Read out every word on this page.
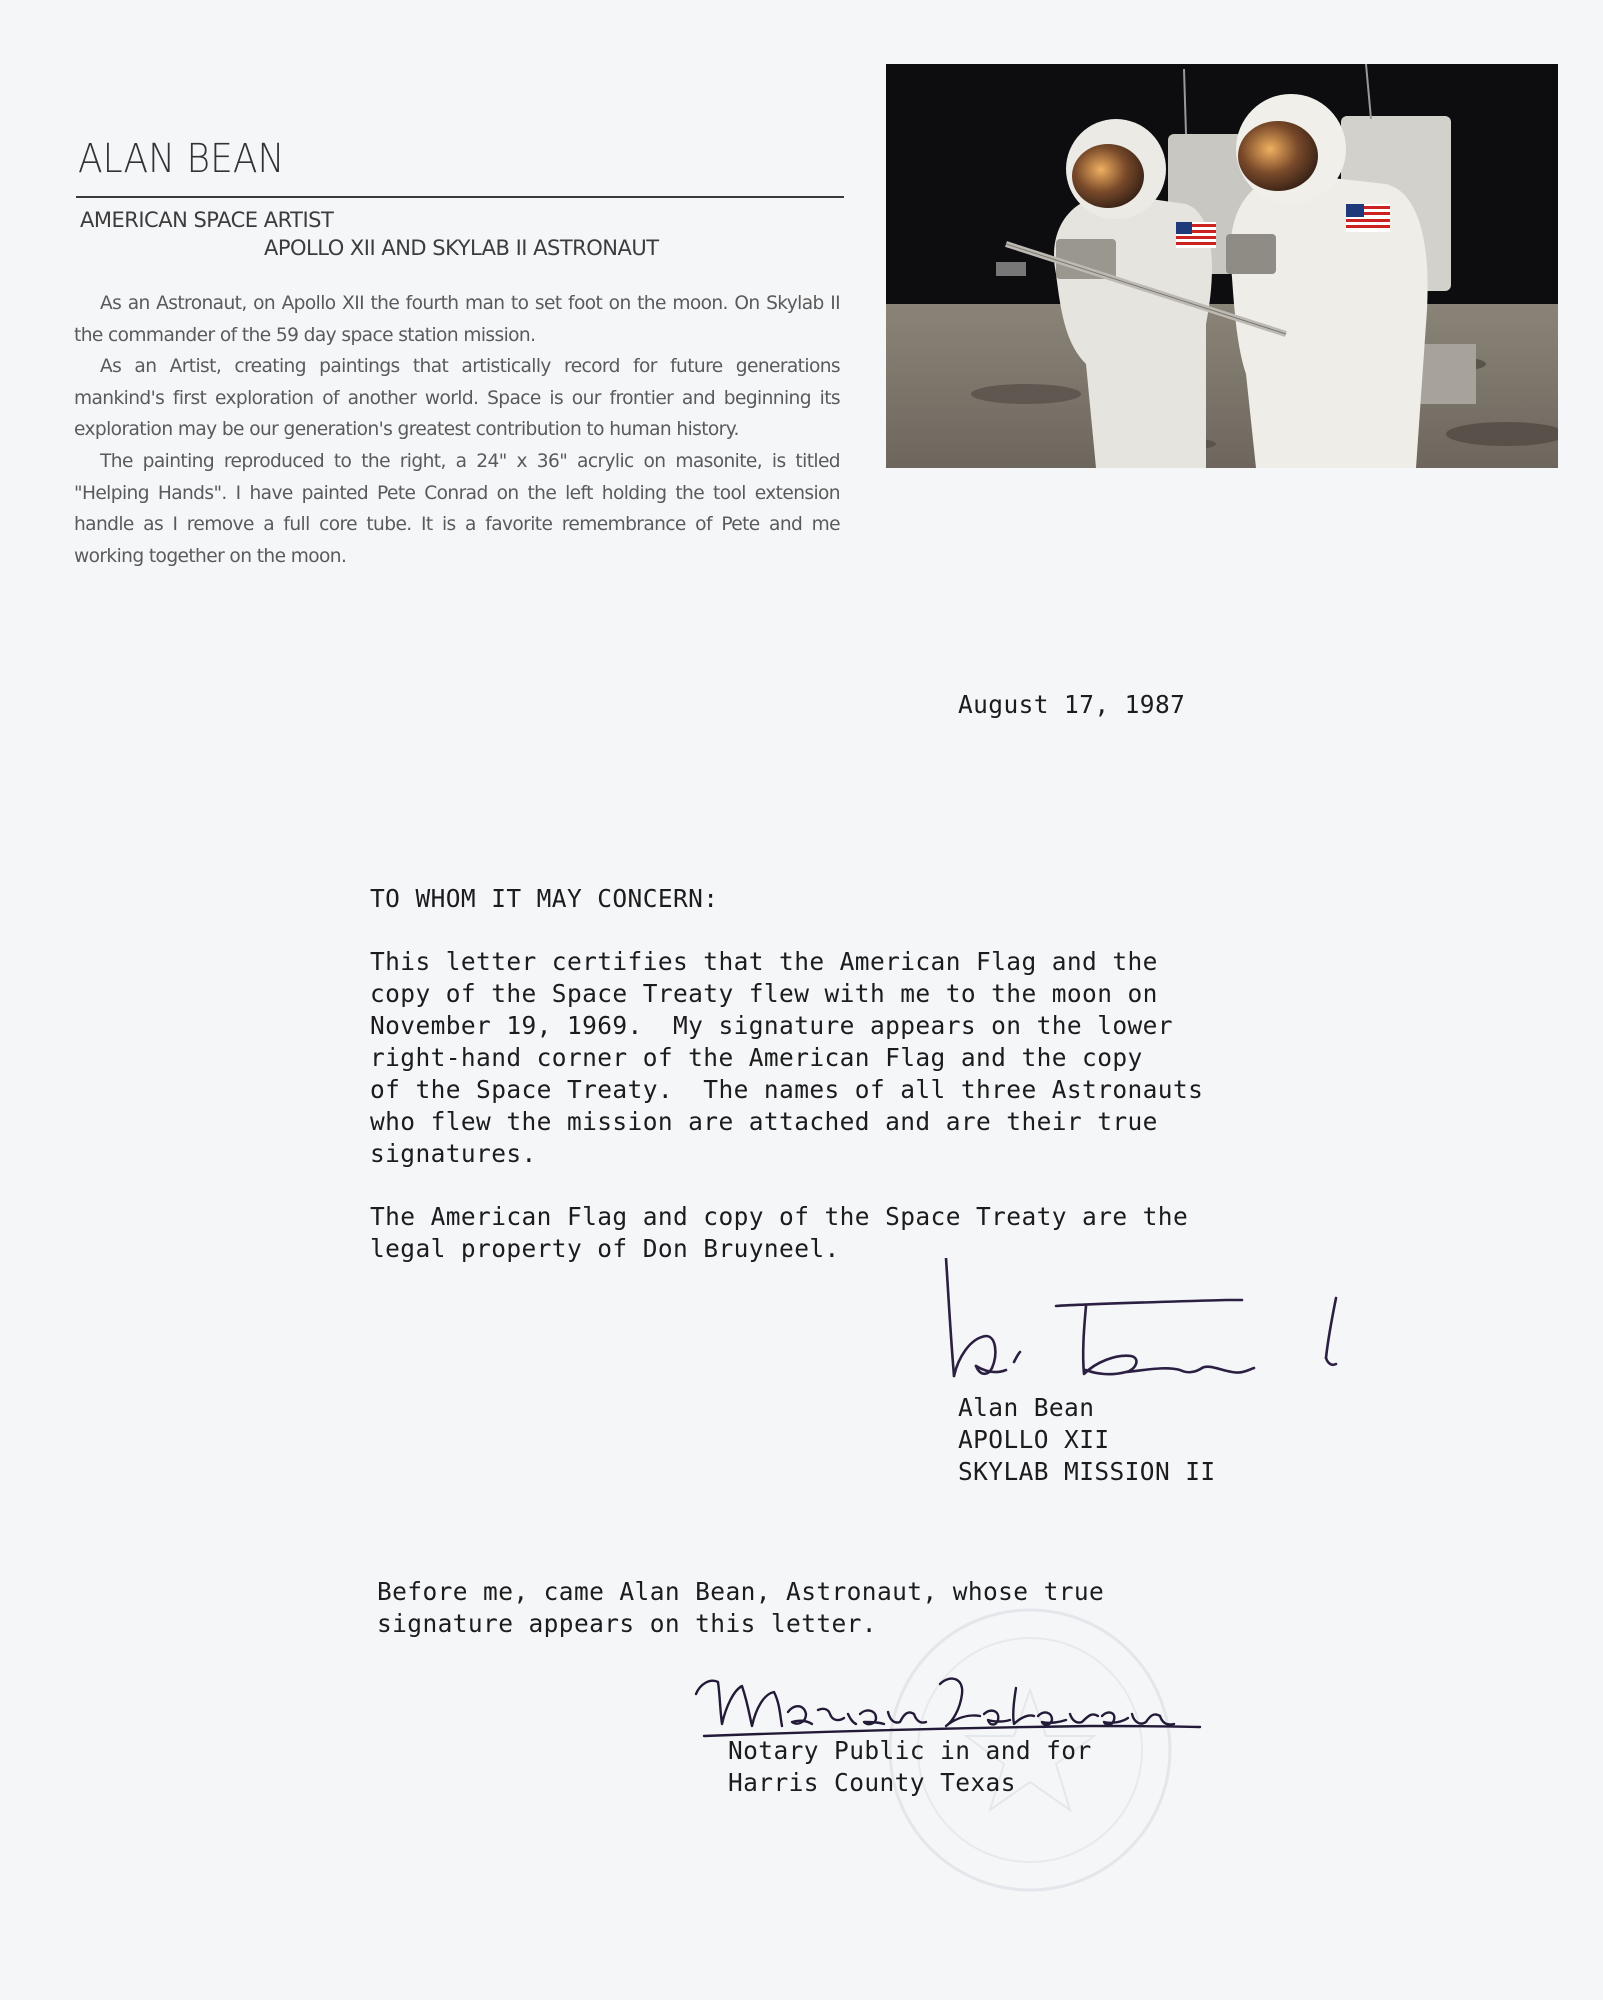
ALAN BEAN
AMERICAN SPACE ARTIST
APOLLO XII AND SKYLAB II ASTRONAUT

As an Astronaut, on Apollo XII the fourth man to set foot on the moon. On Skylab II the commander of the 59 day space station mission.

As an Artist, creating paintings that artistically record for future generations mankind's first exploration of another world. Space is our frontier and beginning its exploration may be our generation's greatest contribution to human history.

The painting reproduced to the right, a 24" x 36" acrylic on masonite, is titled "Helping Hands". I have painted Pete Conrad on the left holding the tool extension handle as I remove a full core tube. It is a favorite remembrance of Pete and me working together on the moon.

August 17, 1987
TO WHOM IT MAY CONCERN:
This letter certifies that the American Flag and the
copy of the Space Treaty flew with me to the moon on
November 19, 1969.  My signature appears on the lower
right-hand corner of the American Flag and the copy
of the Space Treaty.  The names of all three Astronauts
who flew the mission are attached and are their true
signatures.
The American Flag and copy of the Space Treaty are the
legal property of Don Bruyneel.
Alan Bean
APOLLO XII
SKYLAB MISSION II
Before me, came Alan Bean, Astronaut, whose true
signature appears on this letter.
Notary Public in and for
Harris County Texas
